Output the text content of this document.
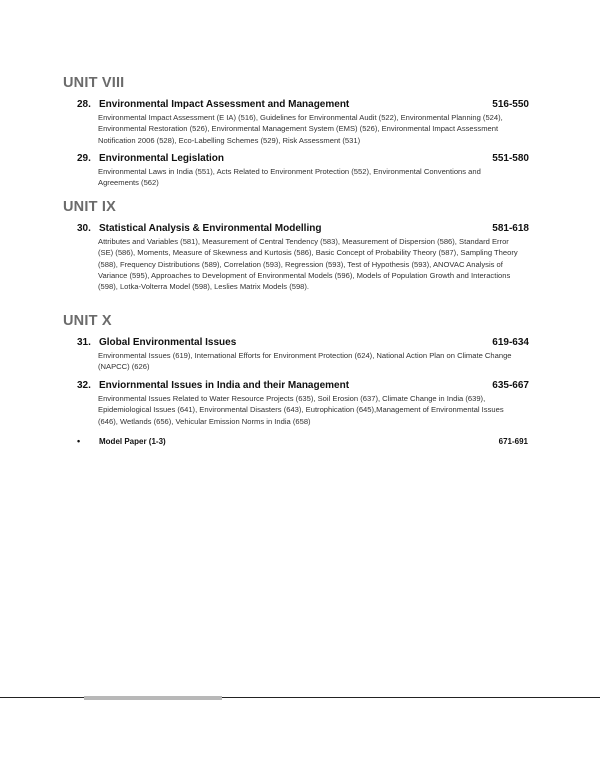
UNIT VIII
28. Environmental Impact Assessment and Management	516-550

Environmental Impact Assessment (E IA) (516), Guidelines for Environmental Audit (522), Environmental Planning (524), Environmental Restoration (526), Environmental Management System (EMS) (526), Environmental Impact Assessment Notification 2006 (528), Eco-Labelling Schemes (529), Risk Assessment (531)

29. Environmental Legislation	551-580

Environmental Laws in India (551), Acts Related to Environment Protection (552), Environmental Conventions and Agreements (562)

UNIT IX
30. Statistical Analysis & Environmental Modelling	581-618

Attributes and Variables (581), Measurement of Central Tendency (583), Measurement of Dispersion (586), Standard Error (SE) (586), Moments, Measure of Skewness and Kurtosis (586), Basic Concept of Probability Theory (587), Sampling Theory (588), Frequency Distributions (589), Correlation (593), Regression (593), Test of Hypothesis (593), ANOVAC Analysis of Variance (595), Approaches to Development of Environmental Models (596), Models of Population Growth and Interactions (598), Lotka-Volterra Model (598), Leslies Matrix Models (598).

UNIT X
31. Global Environmental Issues	619-634

Environmental Issues (619), International Efforts for Environment Protection (624), National Action Plan on Climate Change (NAPCC) (626)

32. Enviornmental Issues in India and their Management	635-667

Environmental Issues Related to Water Resource Projects (635), Soil Erosion (637), Climate Change in India (639), Epidemiological Issues (641), Environmental Disasters (643), Eutrophication (645),Management of Environmental Issues (646), Wetlands (656), Vehicular Emission Norms in India (658)

• Model Paper (1-3)	671-691
